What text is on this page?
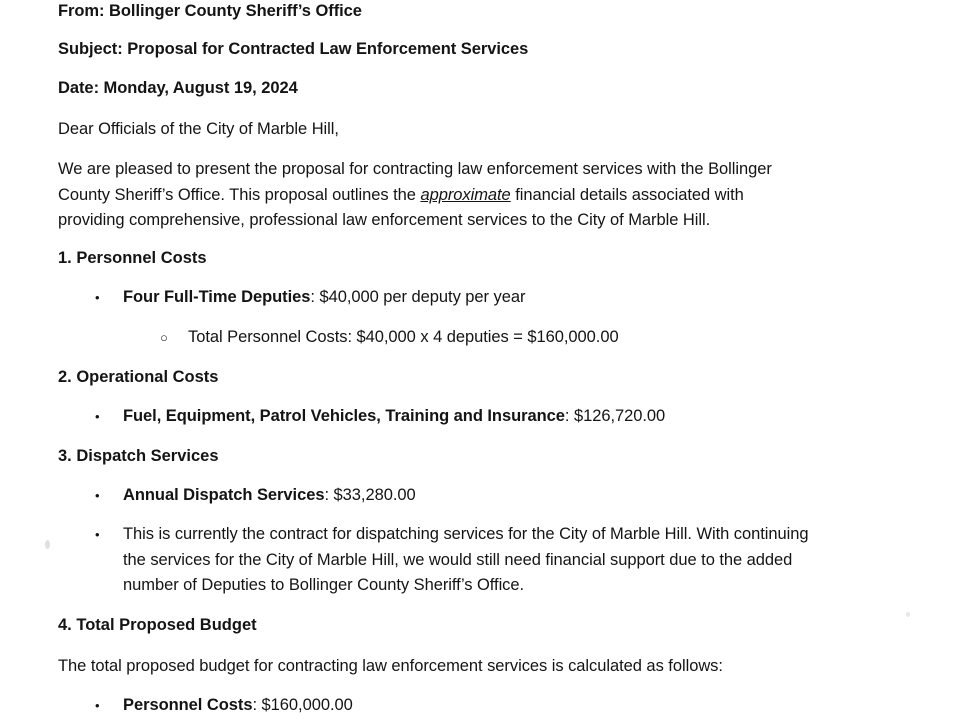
From: Bollinger County Sheriff’s Office
Subject: Proposal for Contracted Law Enforcement Services
Date: Monday, August 19, 2024
Dear Officials of the City of Marble Hill,
We are pleased to present the proposal for contracting law enforcement services with the Bollinger
County Sheriff’s Office. This proposal outlines the approximate financial details associated with
providing comprehensive, professional law enforcement services to the City of Marble Hill.
1. Personnel Costs
•	Four Full-Time Deputies: $40,000 per deputy per year
○	Total Personnel Costs: $40,000 x 4 deputies = $160,000.00
2. Operational Costs
•	Fuel, Equipment, Patrol Vehicles, Training and Insurance: $126,720.00
3. Dispatch Services
•	Annual Dispatch Services: $33,280.00
•	This is currently the contract for dispatching services for the City of Marble Hill. With continuing
the services for the City of Marble Hill, we would still need financial support due to the added
number of Deputies to Bollinger County Sheriff’s Office.
4. Total Proposed Budget
The total proposed budget for contracting law enforcement services is calculated as follows:
•	Personnel Costs: $160,000.00
